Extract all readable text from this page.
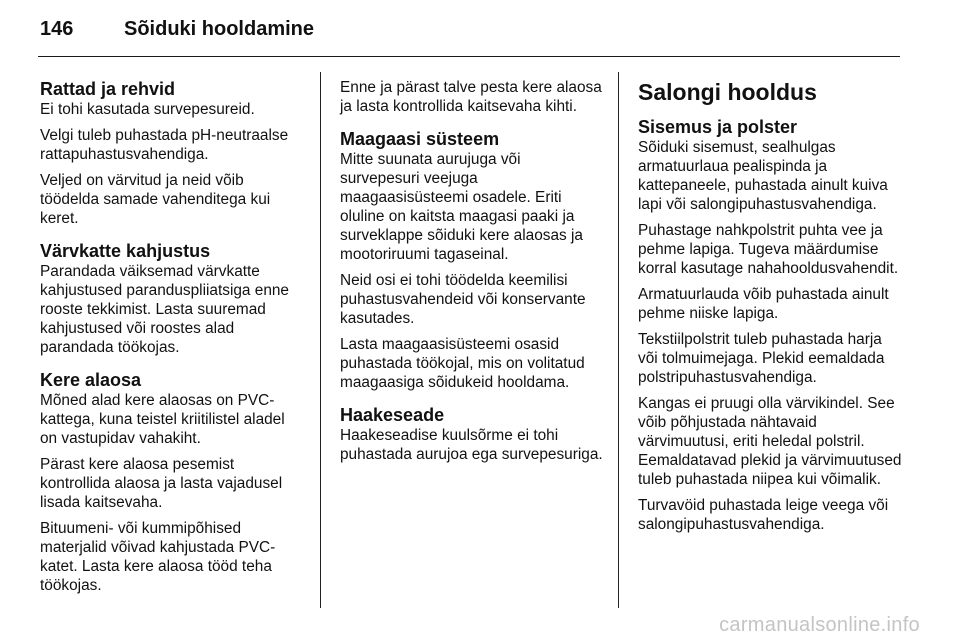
146	Sõiduki hooldamine
Rattad ja rehvid

Ei tohi kasutada survepesureid.

Velgi tuleb puhastada pH-neutraalse rattapuhastusvahendiga.

Veljed on värvitud ja neid võib töödelda samade vahenditega kui keret.

Värvkatte kahjustus

Parandada väiksemad värvkatte kahjustused paranduspliiatsiga enne rooste tekkimist. Lasta suuremad kahjustused või roostes alad parandada töökojas.

Kere alaosa

Mõned alad kere alaosas on PVC-kattega, kuna teistel kriitilistel aladel on vastupidav vahakiht.

Pärast kere alaosa pesemist kontrollida alaosa ja lasta vajadusel lisada kaitsevaha.

Bituumeni- või kummipõhised materjalid võivad kahjustada PVC-katet. Lasta kere alaosa tööd teha töökojas.

Enne ja pärast talve pesta kere alaosa ja lasta kontrollida kaitsevaha kihti.

Maagaasi süsteem

Mitte suunata aurujuga või survepesuri veejuga maagaasisüsteemi osadele. Eriti oluline on kaitsta maagasi paaki ja surveklappe sõiduki kere alaosas ja mootoriruumi tagaseinal.

Neid osi ei tohi töödelda keemilisi puhastusvahendeid või konservante kasutades.

Lasta maagaasisüsteemi osasid puhastada töökojal, mis on volitatud maagaasiga sõidukeid hooldama.

Haakeseade

Haakeseadise kuulsõrme ei tohi puhastada aurujoa ega survepesuriga.

Salongi hooldus
Sisemus ja polster

Sõiduki sisemust, sealhulgas armatuurlaua pealispinda ja kattepaneele, puhastada ainult kuiva lapi või salongipuhastusvahendiga.

Puhastage nahkpolstrit puhta vee ja pehme lapiga. Tugeva määrdumise korral kasutage nahahooldusvahendit.

Armatuurlauda võib puhastada ainult pehme niiske lapiga.

Tekstiilpolstrit tuleb puhastada harja või tolmuimejaga. Plekid eemaldada polstripuhastusvahendiga.

Kangas ei pruugi olla värvikindel. See võib põhjustada nähtavaid värvimuutusi, eriti heledal polstril. Eemaldatavad plekid ja värvimuutused tuleb puhastada niipea kui võimalik.

Turvavöid puhastada leige veega või salongipuhastusvahendiga.

carmanualsonline.info
